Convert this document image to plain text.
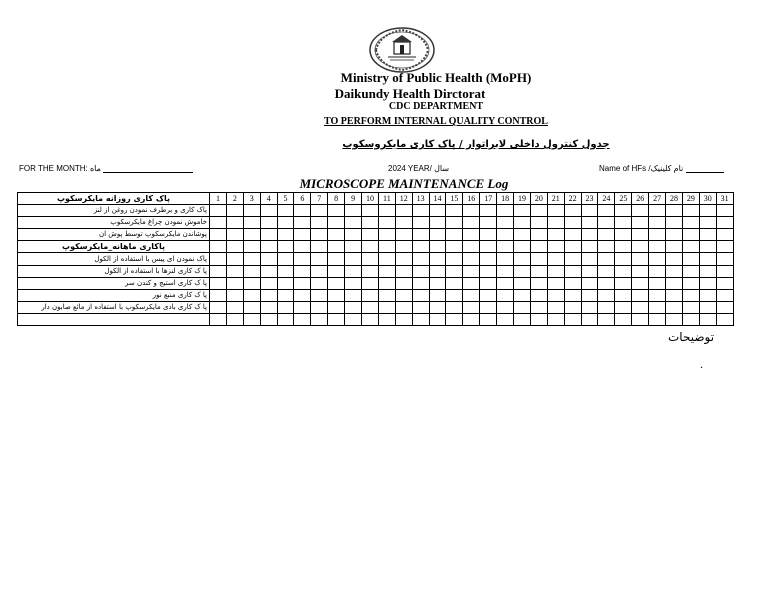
Ministry of Public Health (MoPH)
Daikundy Health Dirctorat
CDC DEPARTMENT
TO PERFORM INTERNAL QUALITY CONTROL
جدول کنترول داخلی لابراتوار / پاک کاری مایکروسکوپ
FOR THE MONTH: ماه	2024 YEAR/ سال	Name of HFs /نام کلینیک
MICROSCOPE MAINTENANCE Log
پاک کاری روزانه مایکرسکوپ	1	2	3	4	5	6	7	8	9	10	11	12	13	14	15	16	17	18	19	20	21	22	23	24	25	26	27	28	29	30	31
پاک کاری و برطرف نمودن روغن از لنز																															
خاموش نمودن چراغ مایکرسکوپ																															
پوشاندن مایکرسکوپ توسط پوش ان																															
پاکاری ماهانه_مایکرسکوپ																															
پاک نمودن ای پیس با استفاده از الکول																															
پا ک کاری لنزها با استفاده از الکول																															
پا ک کاری استیج و کندن سر																															
پا ک کاری منبع نور																															
پا ک کاری بادی مایکرسکوپ با استفاده از مائع صابون دار																															

توضیحات
.
